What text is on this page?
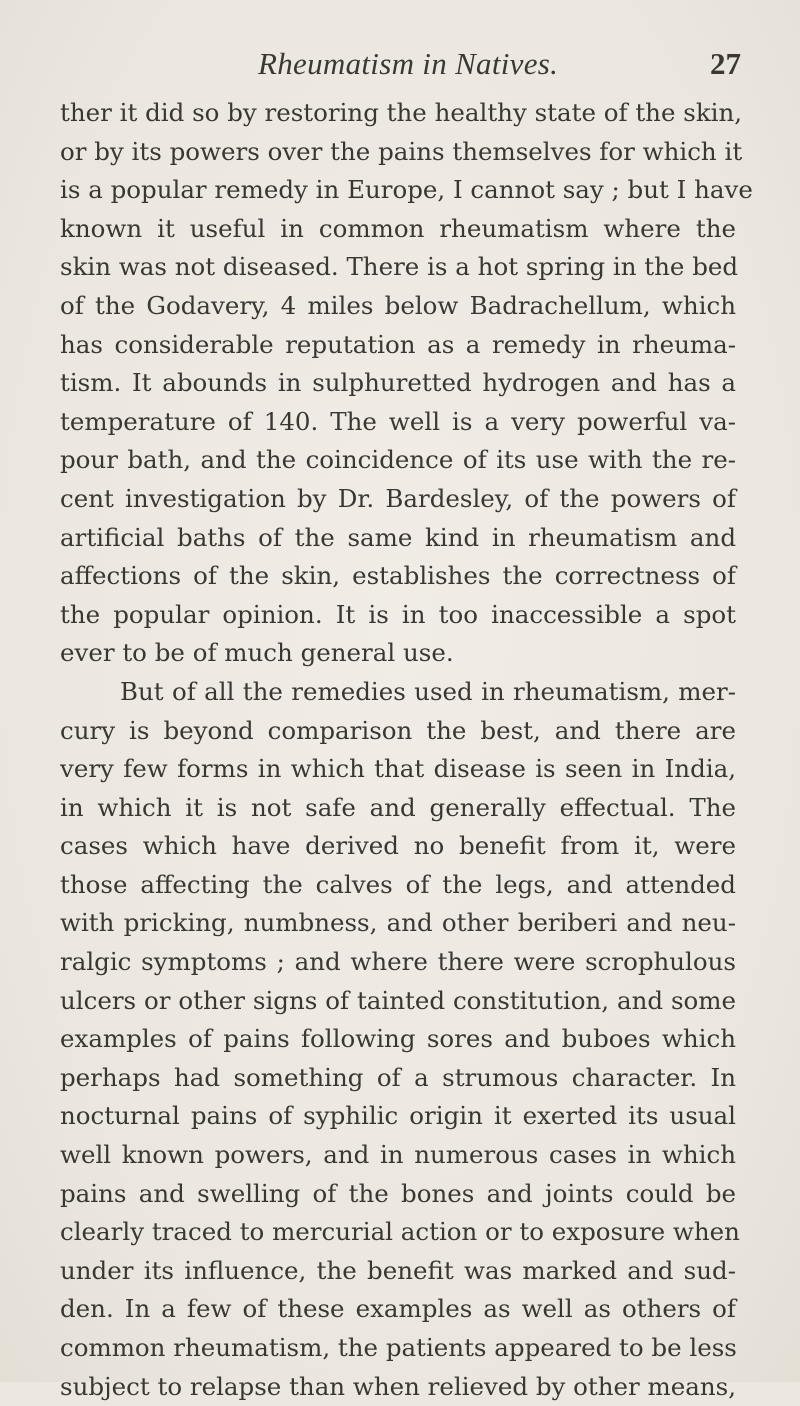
Rheumatism in Natives.	27
ther it did so by restoring the healthy state of the skin,
or by its powers over the pains themselves for which it
is a popular remedy in Europe, I cannot say ; but I have
known it useful in common rheumatism where the
skin was not diseased. There is a hot spring in the bed
of the Godavery, 4 miles below Badrachellum, which
has considerable reputation as a remedy in rheuma-
tism. It abounds in sulphuretted hydrogen and has a
temperature of 140. The well is a very powerful va-
pour bath, and the coincidence of its use with the re-
cent investigation by Dr. Bardesley, of the powers of
artificial baths of the same kind in rheumatism and
affections of the skin, establishes the correctness of
the popular opinion. It is in too inaccessible a spot
ever to be of much general use.
But of all the remedies used in rheumatism, mer-
cury is beyond comparison the best, and there are
very few forms in which that disease is seen in India,
in which it is not safe and generally effectual. The
cases which have derived no benefit from it, were
those affecting the calves of the legs, and attended
with pricking, numbness, and other beriberi and neu-
ralgic symptoms ; and where there were scrophulous
ulcers or other signs of tainted constitution, and some
examples of pains following sores and buboes which
perhaps had something of a strumous character. In
nocturnal pains of syphilic origin it exerted its usual
well known powers, and in numerous cases in which
pains and swelling of the bones and joints could be
clearly traced to mercurial action or to exposure when
under its influence, the benefit was marked and sud-
den. In a few of these examples as well as others of
common rheumatism, the patients appeared to be less
subject to relapse than when relieved by other means,
